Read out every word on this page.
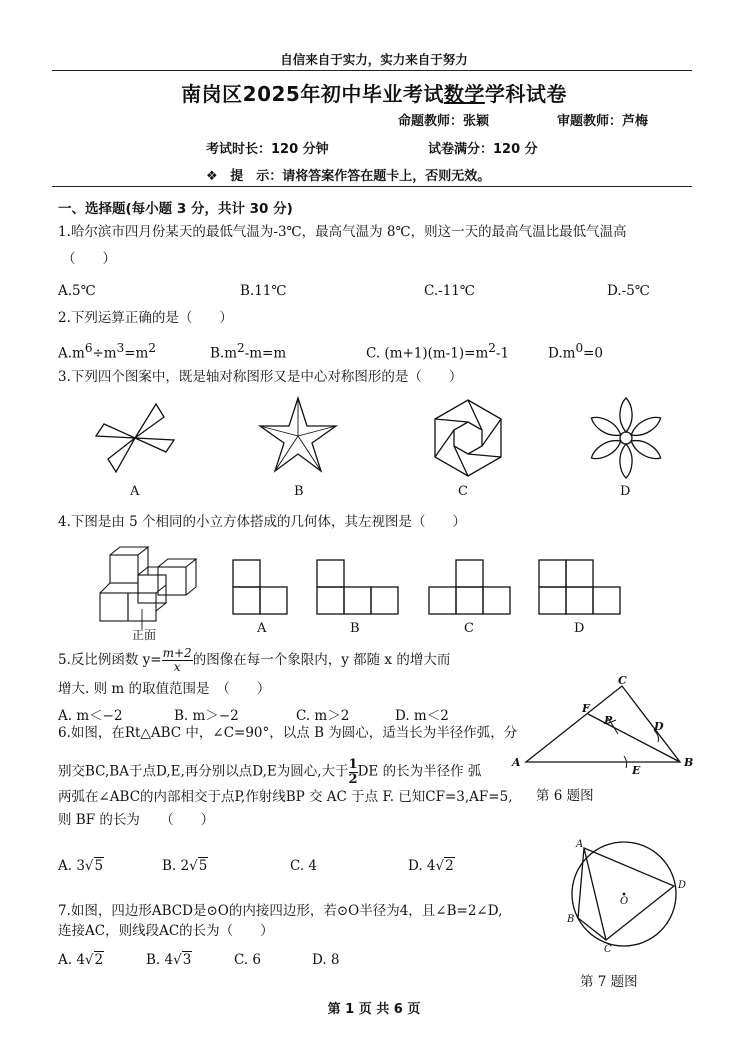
自信来自于实力，实力来自于努力
南岗区2025年初中毕业考试数学学科试卷
命题教师：张颖	审题教师：芦梅
考试时长：120 分钟	试卷满分：120 分
❖ 提　示：请将答案作答在题卡上，否则无效。
一、选择题(每小题 3 分，共计 30 分)
1.哈尔滨市四月份某天的最低气温为-3℃，最高气温为 8℃，则这一天的最高气温比最低气温高
（　　）
A.5℃	B.11℃	C.-11℃	D.-5℃
2.下列运算正确的是（　　）
$A.m^6\div m^3=m^2$	$B.m^2-m=m$	C. $(m+1)(m-1)=m^2-1$	$D.m^0=0$
3.下列四个图案中，既是轴对称图形又是中心对称图形的是（　　）
A	B	C	D
4.下图是由 5 个相同的小立方体搭成的几何体，其左视图是（　　）
正面	A	B	C	D
5.反比例函数 $y= \frac{m+2}{x}$ 的图像在每一个象限内，y 都随 x 的增大而
增大. 则 m 的取值范围是　（　　）
A. m＜−2	B. m＞−2	C. m＞2	D. m＜2
6.如图，在Rt△ABC 中，∠C=90°，以点 B 为圆心，适当长为半径作弧，分
别交BC,BA于点D,E,再分别以点D,E为圆心,大于 $\frac{1}{2}DE$ 的长为半径作 弧
两弧在∠ABC的内部相交于点P,作射线BP 交 AC 于点 F. 已知CF=3,AF=5,
则 BF 的长为　　（　　）
A. 3√5	B. 2√5	C. 4	D. 4√2
A	B
C
D
E
F
P
第 6 题图
7.如图，四边形ABCD是⊙O的内接四边形，若⊙O半径为4，且∠B=2∠D,
连接AC，则线段AC的长为（　　）
A. 4√2	B. 4√3	C. 6	D. 8
A
B
C
D
O
第 7 题图
第 1 页 共 6 页
